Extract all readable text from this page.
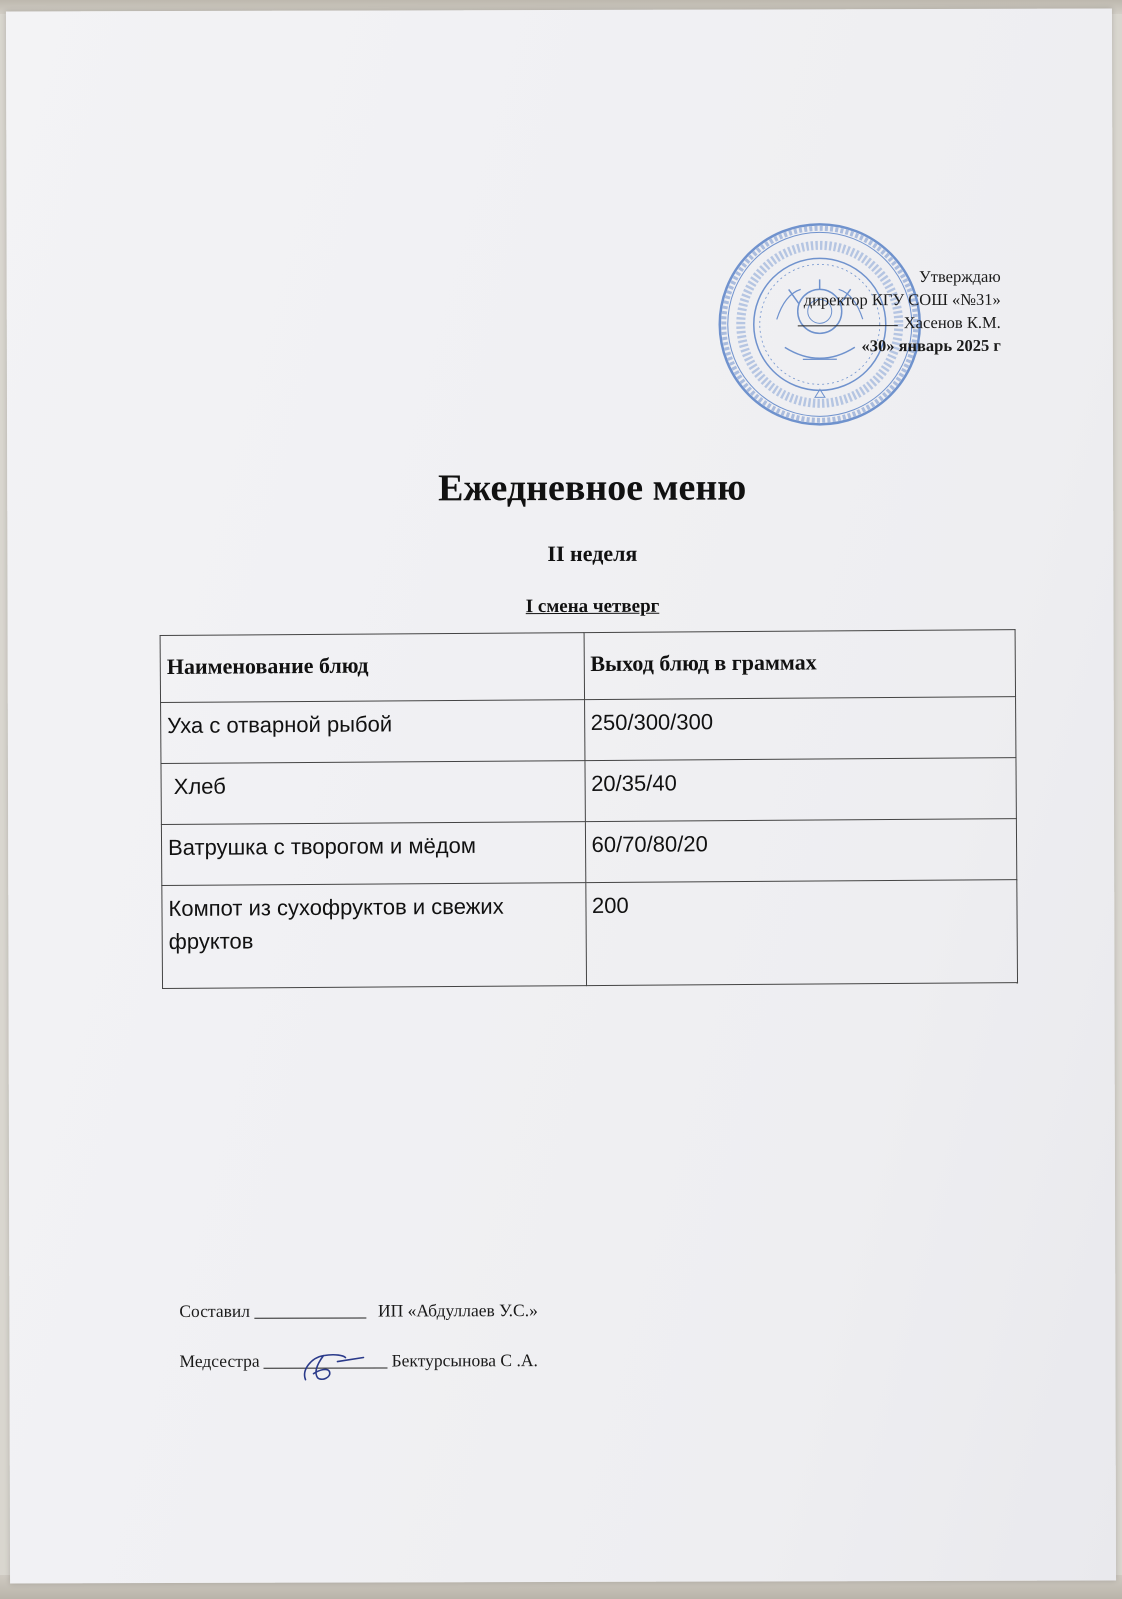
Утверждаю
директор КГУ СОШ «№31»
Хасенов К.М.
«30» январь 2025 г
Ежедневное меню
II неделя
I смена четверг
Наименование блюд	Выход блюд в граммах
Уха с отварной рыбой	250/300/300
Хлеб	20/35/40
Ватрушка с творогом и мёдом	60/70/80/20
Компот из сухофруктов и свежих фруктов	200
Составил	ИП «Абдуллаев У.С.»
Медсестра	Бектурсынова С .А.
